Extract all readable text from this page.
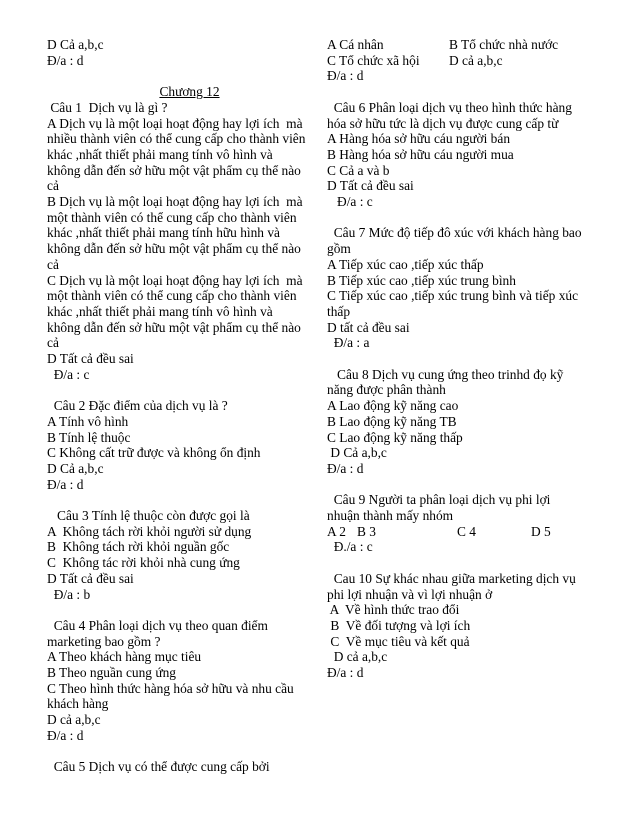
D Cả a,b,c
Đ/a : d
Chương 12
Câu 1  Dịch vụ là gì ?
A Dịch vụ là một loại hoạt động hay lợi ích  mà
nhiều thành viên có thể cung cấp cho thành viên
khác ,nhất thiết phải mang tính vô hình và
không dẫn đến sở hữu một vật phẩm cụ thể nào
cả
B Dịch vụ là một loại hoạt động hay lợi ích  mà
một thành viên có thể cung cấp cho thành viên
khác ,nhất thiết phải mang tính hữu hình và
không dẫn đến sở hữu một vật phẩm cụ thể nào
cả
C Dịch vụ là một loại hoạt động hay lợi ích  mà
một thành viên có thể cung cấp cho thành viên
khác ,nhất thiết phải mang tính vô hình và
không dẫn đến sở hữu một vật phẩm cụ thể nào
cả
D Tất cả đều sai
Đ/a : c
Câu 2 Đặc điểm của dịch vụ là ?
A Tính vô hình
B Tính lệ thuộc
C Không cất trữ được và không ổn định
D Cả a,b,c
Đ/a : d
Câu 3 Tính lệ thuộc còn được gọi là
A  Không tách rời khỏi người sử dụng
B  Không tách rời khỏi nguần gốc
C  Không tác rời khỏi nhà cung ứng
D Tất cả đều sai
Đ/a : b
Câu 4 Phân loại dịch vụ theo quan điểm
marketing bao gồm ?
A Theo khách hàng mục tiêu
B Theo nguần cung ứng
C Theo hình thức hàng hóa sở hữu và nhu cầu
khách hàng
D cả a,b,c
Đ/a : d
Câu 5 Dịch vụ có thể được cung cấp bởi
A Cá nhân	B Tổ chức nhà nước
C Tổ chức xã hội	D cả a,b,c
Đ/a : d
Câu 6 Phân loại dịch vụ theo hình thức hàng
hóa sở hữu tức là dịch vụ được cung cấp từ
A Hàng hóa sở hữu cáu người bán
B Hàng hóa sở hữu cáu người mua
C Cả a và b
D Tất cả đều sai
Đ/a : c
Câu 7 Mức độ tiếp đô xúc với khách hàng bao
gồm
A Tiếp xúc cao ,tiếp xúc thấp
B Tiếp xúc cao ,tiếp xúc trung bình
C Tiếp xúc cao ,tiếp xúc trung bình và tiếp xúc
thấp
D tất cả đều sai
Đ/a : a
Câu 8 Dịch vụ cung ứng theo trinhd đọ kỹ
năng được phân thành
A Lao động kỹ năng cao
B Lao động kỹ năng TB
C Lao động kỹ năng thấp
D Cả a,b,c
Đ/a : d
Câu 9 Người ta phân loại dịch vụ phi lợi
nhuận thành mấy nhóm
A 2 B 3	C 4	D 5
Đ./a : c
Cau 10 Sự khác nhau giữa marketing dịch vụ
phi lợi nhuận và vì lợi nhuận ở
A  Về hình thức trao đổi
B  Về đối tượng và lợi ích
C  Về mục tiêu và kết quả
D cả a,b,c
Đ/a : d
